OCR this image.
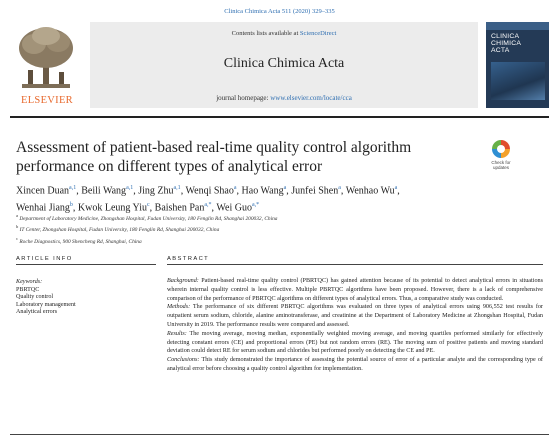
Clinica Chimica Acta 511 (2020) 329–335
ELSEVIER
Contents lists available at ScienceDirect
Clinica Chimica Acta
journal homepage: www.elsevier.com/locate/cca
CLINICA
CHIMICA
ACTA
Assessment of patient-based real-time quality control algorithm performance on different types of analytical error	Check for
updates
Xincen Duan$^{a,1}$, Beili Wang$^{a,1}$, Jing Zhu$^{a,1}$, Wenqi Shao$^a$, Hao Wang$^a$, Junfei Shen$^a$, Wenhao Wu$^a$,
Wenhai Jiang$^b$, Kwok Leung Yiu$^c$, Baishen Pan$^{a,*}$, Wei Guo$^{a,*}$
$^a$ Department of Laboratory Medicine, Zhongshan Hospital, Fudan University, 180 Fenglin Rd, Shanghai 200032, China
$^b$ IT Center, Zhongshan Hospital, Fudan University, 180 Fenglin Rd, Shanghai 200032, China
$^c$ Roche Diagnostics, 900 Shencheng Rd, Shanghai, China
ARTICLE INFO	ABSTRACT
Keywords:
PBRTQC
Quality control
Laboratory management
Analytical errors

Background: Patient-based real-time quality control (PBRTQC) has gained attention because of its potential to detect analytical errors in situations wherein internal quality control is less effective. Multiple PBRTQC algorithms have been proposed. However, there is a lack of comprehensive comparison of the performance of PBRTQC algorithms on different types of analytical errors. Thus, a comparative study was conducted.

Methods: The performance of six different PBRTQC algorithms was evaluated on three types of analytical errors using 906,552 test results for outpatient serum sodium, chloride, alanine aminotransferase, and creatinine at the Department of Laboratory Medicine at Zhongshan Hospital, Fudan University in 2019. The performance results were compared and assessed.

Results: The moving average, moving median, exponentially weighted moving average, and moving quartiles performed similarly for effectively detecting constant errors (CE) and proportional errors (PE) but not random errors (RE). The moving sum of positive patients and moving standard deviation could detect RE for serum sodium and chlorides but performed poorly on detecting the CE and PE.

Conclusions: This study demonstrated the importance of assessing the potential source of error of a particular analyte and the corresponding type of analytical error before choosing a quality control algorithm for implementation.
